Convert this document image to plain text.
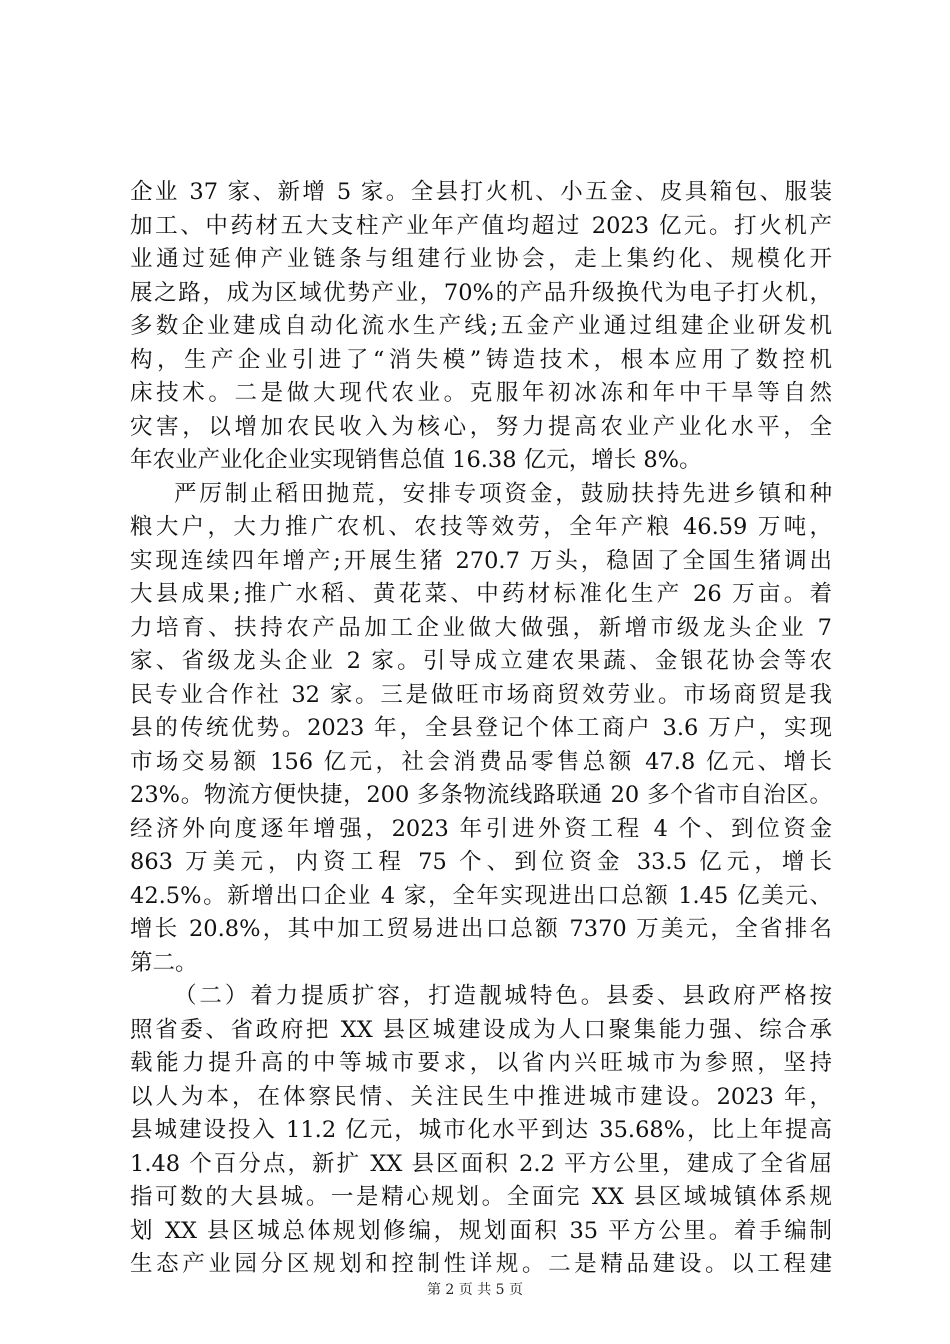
企业 37 家、新增 5 家。全县打火机、小五金、皮具箱包、服装
加工、中药材五大支柱产业年产值均超过 2023 亿元。打火机产
业通过延伸产业链条与组建行业协会，走上集约化、规模化开
展之路，成为区域优势产业，70%的产品升级换代为电子打火机，
多数企业建成自动化流水生产线;五金产业通过组建企业研发机
构，生产企业引进了“消失模”铸造技术，根本应用了数控机
床技术。二是做大现代农业。克服年初冰冻和年中干旱等自然
灾害，以增加农民收入为核心，努力提高农业产业化水平，全
年农业产业化企业实现销售总值 16.38 亿元，增长 8%。
严厉制止稻田抛荒，安排专项资金，鼓励扶持先进乡镇和种
粮大户，大力推广农机、农技等效劳，全年产粮 46.59 万吨，
实现连续四年增产;开展生猪 270.7 万头，稳固了全国生猪调出
大县成果;推广水稻、黄花菜、中药材标准化生产 26 万亩。着
力培育、扶持农产品加工企业做大做强，新增市级龙头企业 7
家、省级龙头企业 2 家。引导成立建农果蔬、金银花协会等农
民专业合作社 32 家。三是做旺市场商贸效劳业。市场商贸是我
县的传统优势。2023 年，全县登记个体工商户 3.6 万户，实现
市场交易额 156 亿元，社会消费品零售总额 47.8 亿元、增长
23%。物流方便快捷，200 多条物流线路联通 20 多个省市自治区。
经济外向度逐年增强，2023 年引进外资工程 4 个、到位资金
863 万美元，内资工程 75 个、到位资金 33.5 亿元，增长
42.5%。新增出口企业 4 家，全年实现进出口总额 1.45 亿美元、
增长 20.8%，其中加工贸易进出口总额 7370 万美元，全省排名
第二。
（二）着力提质扩容，打造靓城特色。县委、县政府严格按
照省委、省政府把 XX 县区城建设成为人口聚集能力强、综合承
载能力提升高的中等城市要求，以省内兴旺城市为参照，坚持
以人为本，在体察民情、关注民生中推进城市建设。2023 年，
县城建设投入 11.2 亿元，城市化水平到达 35.68%，比上年提高
1.48 个百分点，新扩 XX 县区面积 2.2 平方公里，建成了全省屈
指可数的大县城。一是精心规划。全面完 XX 县区域城镇体系规
划 XX 县区城总体规划修编，规划面积 35 平方公里。着手编制
生态产业园分区规划和控制性详规。二是精品建设。以工程建
第 2 页 共 5 页
